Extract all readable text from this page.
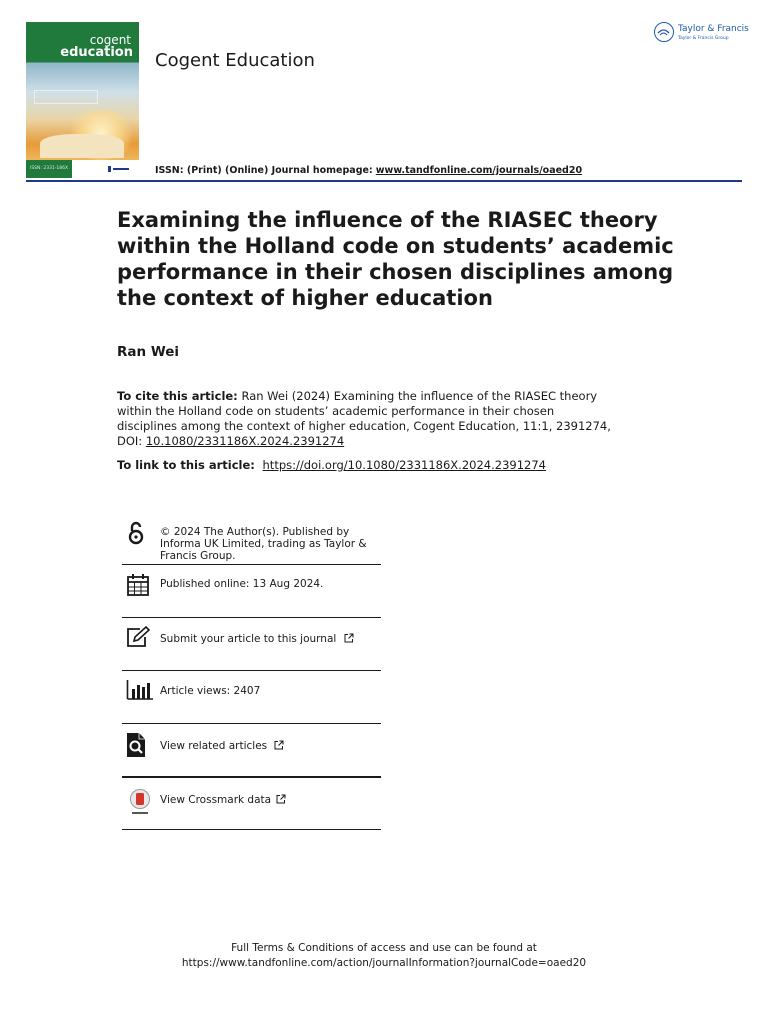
cogent
education
ISSN: 2331-186X
Cogent Education
Taylor & Francis
Taylor & Francis Group
ISSN: (Print) (Online) Journal homepage: www.tandfonline.com/journals/oaed20
Examining the influence of the RIASEC theory within the Holland code on students’ academic performance in their chosen disciplines among the context of higher education
Ran Wei
To cite this article: Ran Wei (2024) Examining the influence of the RIASEC theory within the Holland code on students’ academic performance in their chosen disciplines among the context of higher education, Cogent Education, 11:1, 2391274, DOI: 10.1080/2331186X.2024.2391274
To link to this article: https://doi.org/10.1080/2331186X.2024.2391274
© 2024 The Author(s). Published by Informa UK Limited, trading as Taylor & Francis Group.
Published online: 13 Aug 2024.
Submit your article to this journal
Article views: 2407
View related articles
View Crossmark data
Full Terms & Conditions of access and use can be found at
https://www.tandfonline.com/action/journalInformation?journalCode=oaed20
